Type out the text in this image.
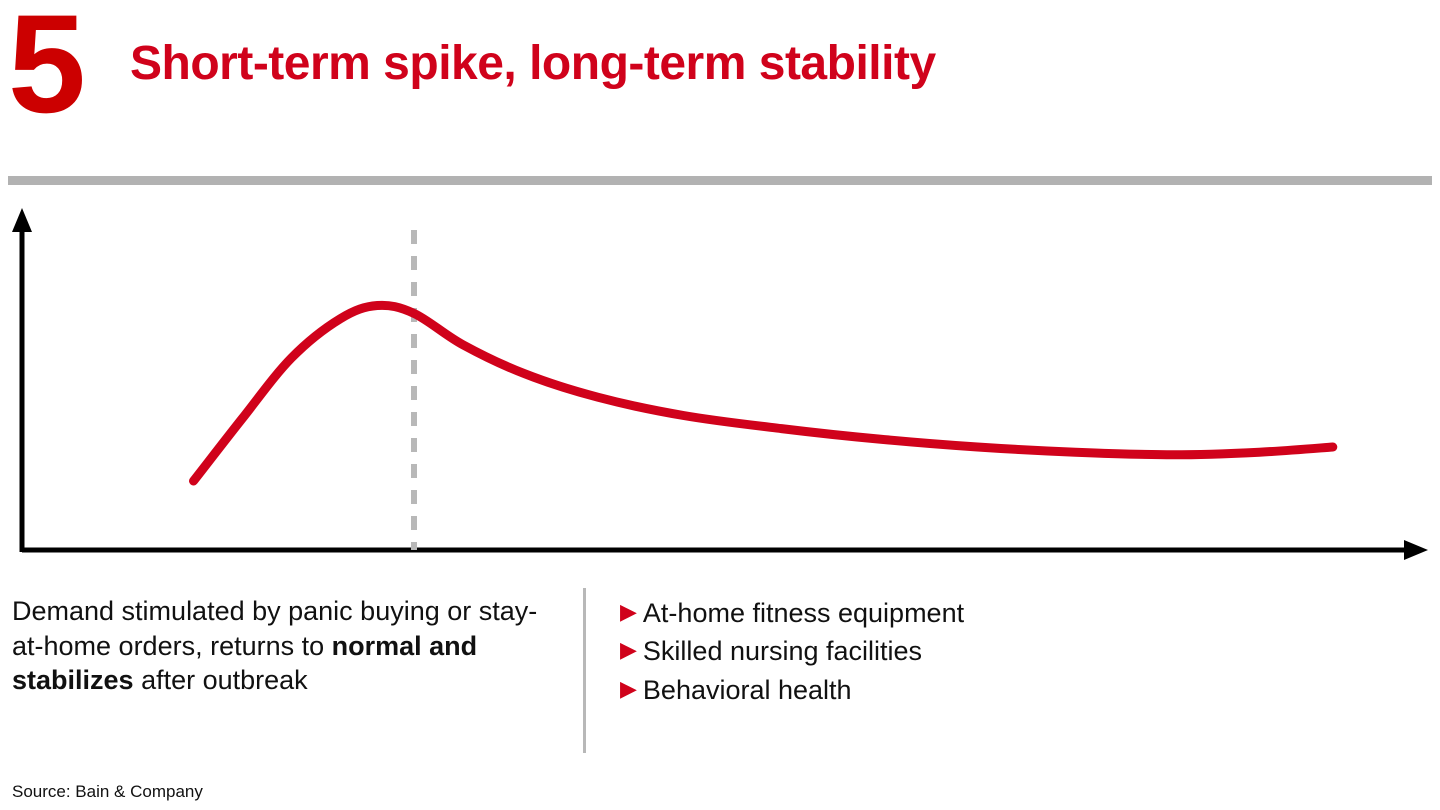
5 Short-term spike, long-term stability
Demand stimulated by panic buying or stay-at-home orders, returns to normal and stabilizes after outbreak
▶ At-home fitness equipment
▶ Skilled nursing facilities
▶ Behavioral health
Source: Bain & Company
